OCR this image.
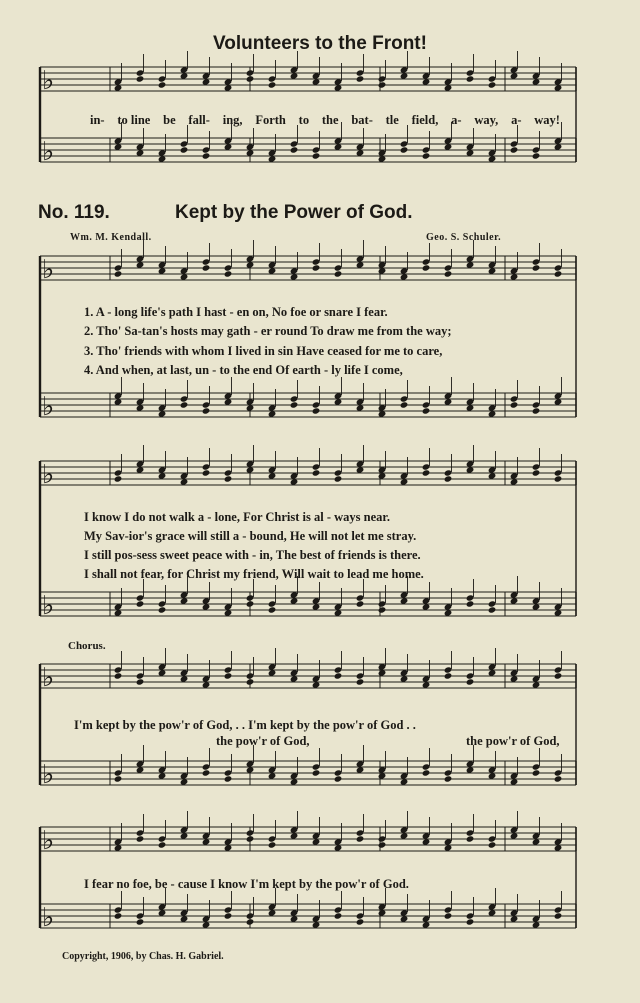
♭
♭
♭
♭
♭
♭
♭
♭
♭
♭
Volunteers to the Front!
in- to line be fall- ing, Forth to the bat- tle field, a- way, a- way!
No. 119.	Kept by the Power of God.
Wm. M. Kendall.	Geo. S. Schuler.
1. A - long life's path I hast - en on, No foe or snare I fear.
2. Tho' Sa-tan's hosts may gath - er round To draw me from the way;
3. Tho' friends with whom I lived in sin Have ceased for me to care,
4. And when, at last, un - to the end Of earth - ly life I come,
I know I do not walk a - lone, For Christ is al - ways near.
My Sav-ior's grace will still a - bound, He will not let me stray.
I still pos-sess sweet peace with - in, The best of friends is there.
I shall not fear, for Christ my friend, Will wait to lead me home.
Chorus.
I'm kept by the pow'r of God, . . I'm kept by the pow'r of God . .
the pow'r of God,	the pow'r of God,
I fear no foe, be - cause I know I'm kept by the pow'r of God.
Copyright, 1906, by Chas. H. Gabriel.
